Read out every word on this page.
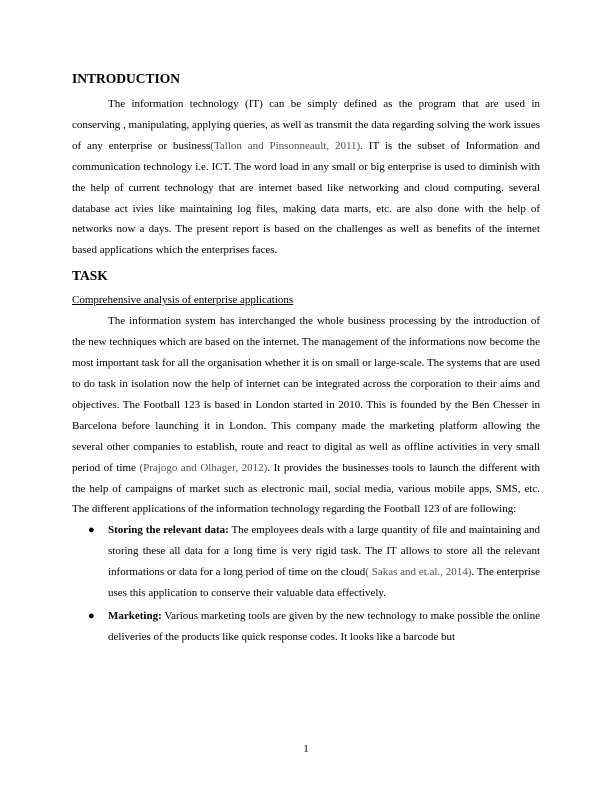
INTRODUCTION

The information technology (IT) can be simply defined as the program that are used in conserving , manipulating, applying queries, as well as transmit the data regarding solving the work issues of any enterprise or business(Tallon and Pinsonneault, 2011). IT is the subset of Information and communication technology i.e. ICT. The word load in any small or big enterprise is used to diminish with the help of current technology that are internet based like networking and cloud computing. several database act ivies like maintaining log files, making data marts, etc. are also done with the help of networks now a days. The present report is based on the challenges as well as benefits of the internet based applications which the enterprises faces.

TASK
Comprehensive analysis of enterprise applications

The information system has interchanged the whole business processing by the introduction of the new techniques which are based on the internet. The management of the informations now become the most important task for all the organisation whether it is on small or large-scale. The systems that are used to do task in isolation now the help of internet can be integrated across the corporation to their aims and objectives. The Football 123 is based in London started in 2010. This is founded by the Ben Chesser in Barcelona before launching it in London. This company made the marketing platform allowing the several other companies to establish, route and react to digital as well as offline activities in very small period of time (Prajogo and Olhager, 2012). It provides the businesses tools to launch the different with the help of campaigns of market such as electronic mail, social media, various mobile apps, SMS, etc. The different applications of the information technology regarding the Football 123 of are following:

● Storing the relevant data: The employees deals with a large quantity of file and maintaining and storing these all data for a long time is very rigid task. The IT allows to store all the relevant informations or data for a long period of time on the cloud( Sakas and et.al., 2014). The enterprise uses this application to conserve their valuable data effectively.
● Marketing: Various marketing tools are given by the new technology to make possible the online deliveries of the products like quick response codes. It looks like a barcode but
1
